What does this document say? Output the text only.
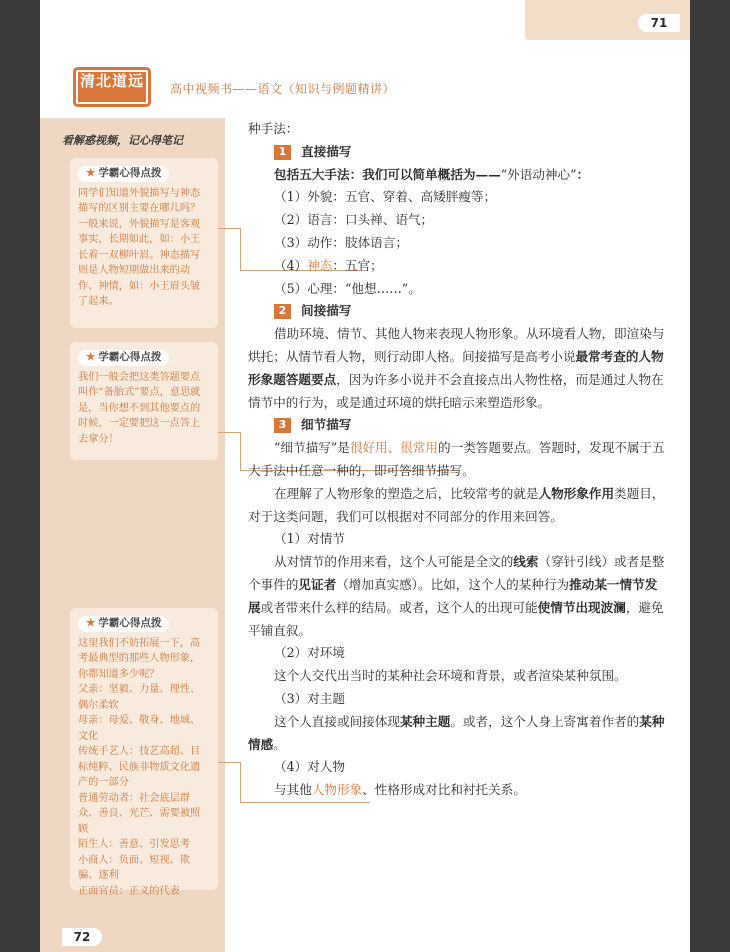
71
看解惑视频，记心得笔记
★ 学霸心得点拨
同学们知道外貌描写与神态描写的区别主要在哪儿吗？
一般来说，外貌描写是客观事实，长期如此，如：小王长着一双柳叶眉。神态描写则是人物短期做出来的动作、神情，如：小王眉头皱了起来。
★ 学霸心得点拨
我们一般会把这类答题要点叫作“备胎式”要点，意思就是，当你想不到其他要点的时候，一定要把这一点答上去拿分！
★ 学霸心得点拨
这里我们不妨拓展一下，高考最典型的那些人物形象，你都知道多少呢？
父亲：坚毅、力量、理性、偶尔柔软
母亲：母爱、敬身、地域、文化
传统手艺人：技艺高超、目标纯粹、民族非物质文化遗产的一部分
普通劳动者：社会底层群众、善良、光芒、需要被照顾
陌生人：善意、引发思考
小商人：负面、短视、欺骗、逐利
正面官员：正义的代表
清北道远	高中视频书——语文（知识与例题精讲）

种手法：

1 直接描写

包括五大手法：我们可以简单概括为——“外语动神心”：

（1）外貌：五官、穿着、高矮胖瘦等；

（2）语言：口头禅、语气；

（3）动作：肢体语言；

（4）神态：五官；

（5）心理：“他想……”。

2 间接描写

借助环境、情节、其他人物来表现人物形象。从环境看人物，即渲染与烘托；从情节看人物，则行动即人格。间接描写是高考小说最常考查的人物形象题答题要点，因为许多小说并不会直接点出人物性格，而是通过人物在情节中的行为，或是通过环境的烘托暗示来塑造形象。

3 细节描写

“细节描写”是很好用、很常用的一类答题要点。答题时，发现不属于五大手法中任意一种的，即可答细节描写。

在理解了人物形象的塑造之后，比较常考的就是人物形象作用类题目，对于这类问题，我们可以根据对不同部分的作用来回答。

（1）对情节

从对情节的作用来看，这个人可能是全文的线索（穿针引线）或者是整个事件的见证者（增加真实感）。比如，这个人的某种行为推动某一情节发展或者带来什么样的结局。或者，这个人的出现可能使情节出现波澜，避免平铺直叙。

（2）对环境

这个人交代出当时的某种社会环境和背景，或者渲染某种氛围。

（3）对主题

这个人直接或间接体现某种主题。或者，这个人身上寄寓着作者的某种情感。

（4）对人物

与其他人物形象、性格形成对比和衬托关系。

72
